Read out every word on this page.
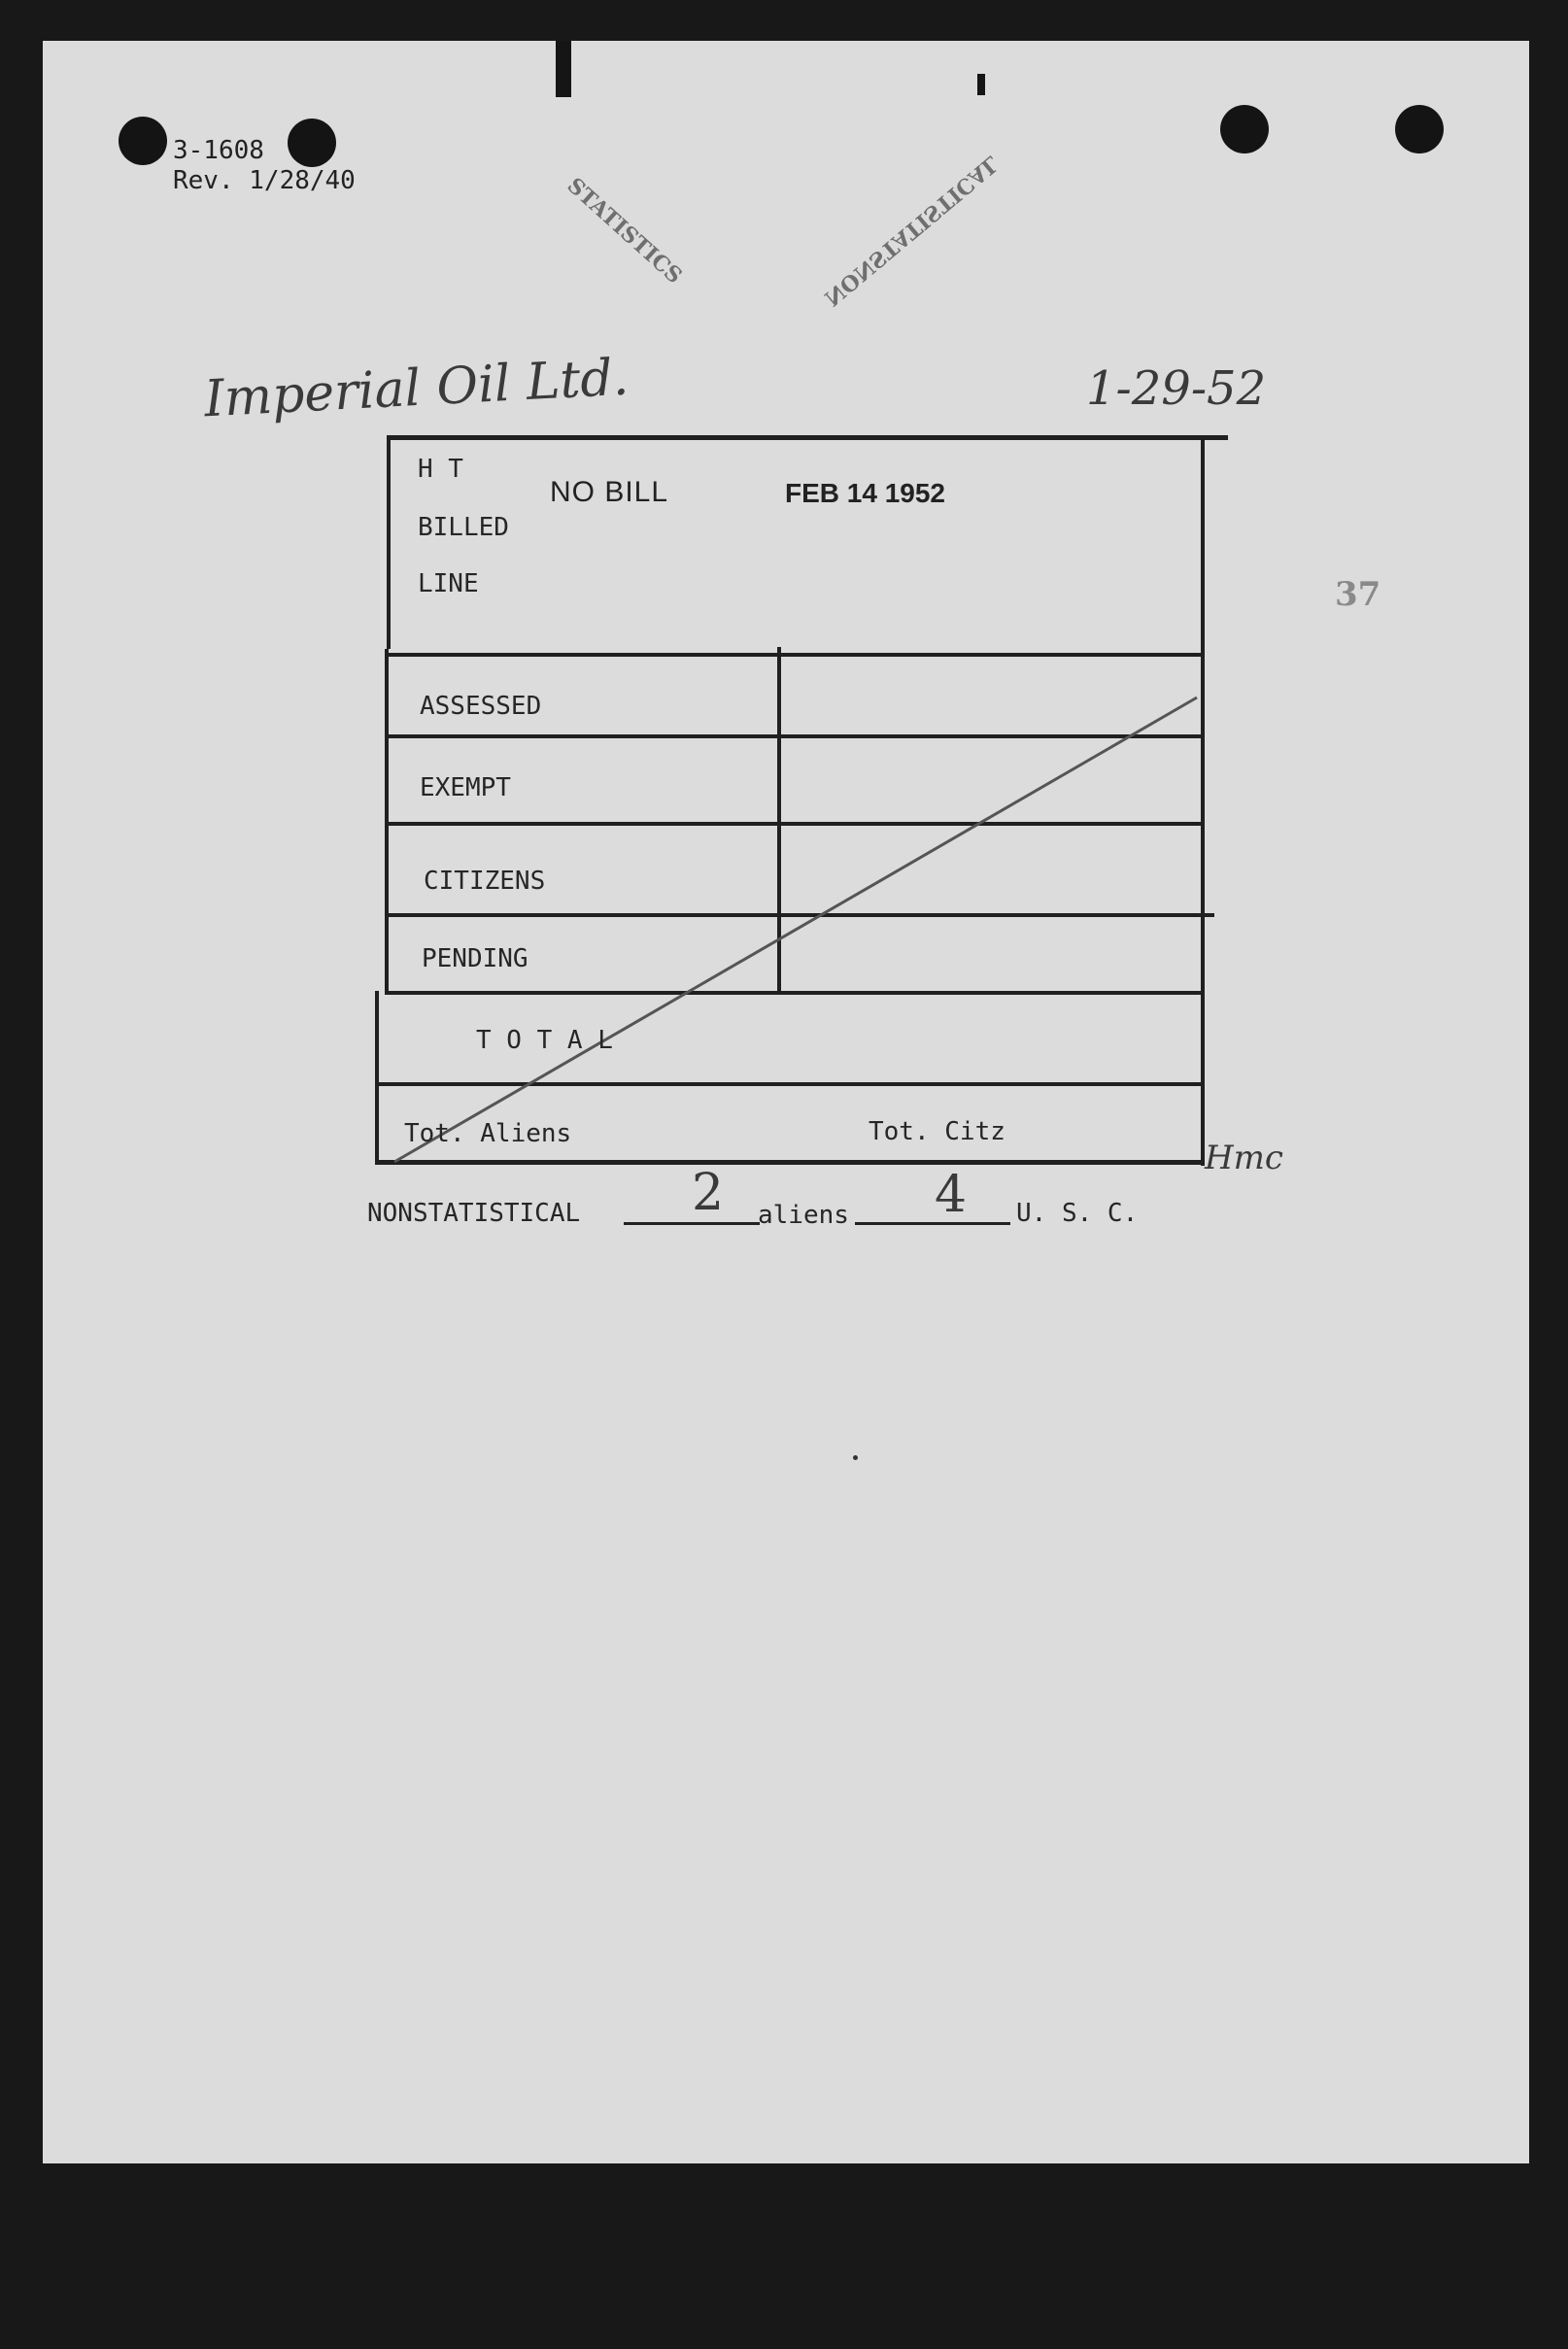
3-1608
Rev. 1/28/40	STATISTICS	NONSTATISTICAL
Imperial Oil Ltd.	1-29-52
37
H T
BILLED
LINE
NO BILL	FEB 14 1952
ASSESSED
EXEMPT
CITIZENS
PENDING
T O T A L
Tot. Aliens	Tot. Citz
Hmc
NONSTATISTICAL 2 aliens 4 U. S. C.
